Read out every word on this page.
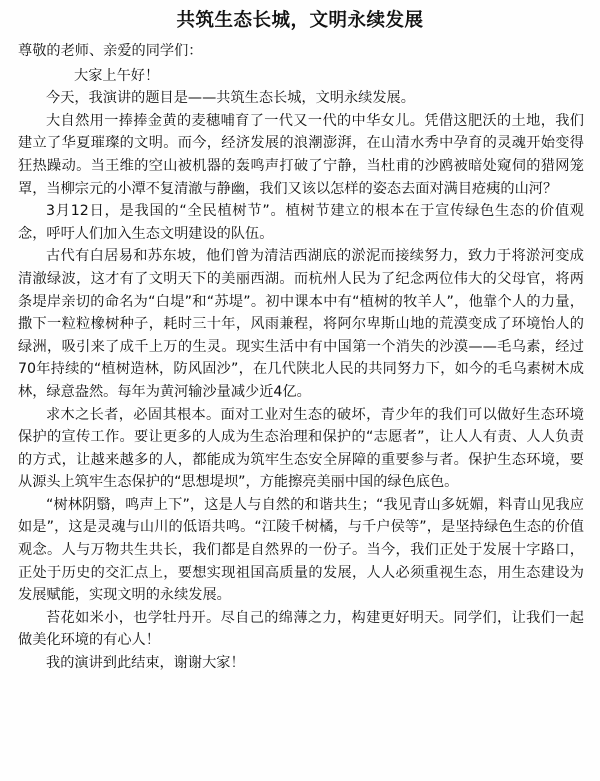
共筑生态长城，文明永续发展

尊敬的老师、亲爱的同学们：

大家上午好！

今天，我演讲的题目是——共筑生态长城，文明永续发展。

大自然用一捧捧金黄的麦穗哺育了一代又一代的中华女儿。凭借这肥沃的土地，我们建立了华夏璀璨的文明。而今，经济发展的浪潮澎湃，在山清水秀中孕育的灵魂开始变得狂热躁动。当王维的空山被机器的轰鸣声打破了宁静，当杜甫的沙鸥被暗处窥伺的猎网笼罩，当柳宗元的小潭不复清澈与静幽，我们又该以怎样的姿态去面对满目疮痍的山河？

3月12日，是我国的“全民植树节”。植树节建立的根本在于宣传绿色生态的价值观念，呼吁人们加入生态文明建设的队伍。

古代有白居易和苏东坡，他们曾为清洁西湖底的淤泥而接续努力，致力于将淤河变成清澈绿波，这才有了文明天下的美丽西湖。而杭州人民为了纪念两位伟大的父母官，将两条堤岸亲切的命名为“白堤”和“苏堤”。初中课本中有“植树的牧羊人”，他靠个人的力量，撒下一粒粒橡树种子，耗时三十年，风雨兼程，将阿尔卑斯山地的荒漠变成了环境怡人的绿洲，吸引来了成千上万的生灵。现实生活中有中国第一个消失的沙漠——毛乌素，经过70年持续的“植树造林，防风固沙”，在几代陕北人民的共同努力下，如今的毛乌素树木成林，绿意盎然。每年为黄河输沙量减少近4亿。

求木之长者，必固其根本。面对工业对生态的破坏，青少年的我们可以做好生态环境保护的宣传工作。要让更多的人成为生态治理和保护的“志愿者”，让人人有责、人人负责的方式，让越来越多的人，都能成为筑牢生态安全屏障的重要参与者。保护生态环境，要从源头上筑牢生态保护的“思想堤坝”，方能擦亮美丽中国的绿色底色。

“树林阴翳，鸣声上下”，这是人与自然的和谐共生；“我见青山多妩媚，料青山见我应如是”，这是灵魂与山川的低语共鸣。“江陵千树橘，与千户侯等”，是坚持绿色生态的价值观念。人与万物共生共长，我们都是自然界的一份子。当今，我们正处于发展十字路口，正处于历史的交汇点上，要想实现祖国高质量的发展，人人必须重视生态，用生态建设为发展赋能，实现文明的永续发展。

苔花如米小，也学牡丹开。尽自己的绵薄之力，构建更好明天。同学们，让我们一起做美化环境的有心人！

我的演讲到此结束，谢谢大家！
